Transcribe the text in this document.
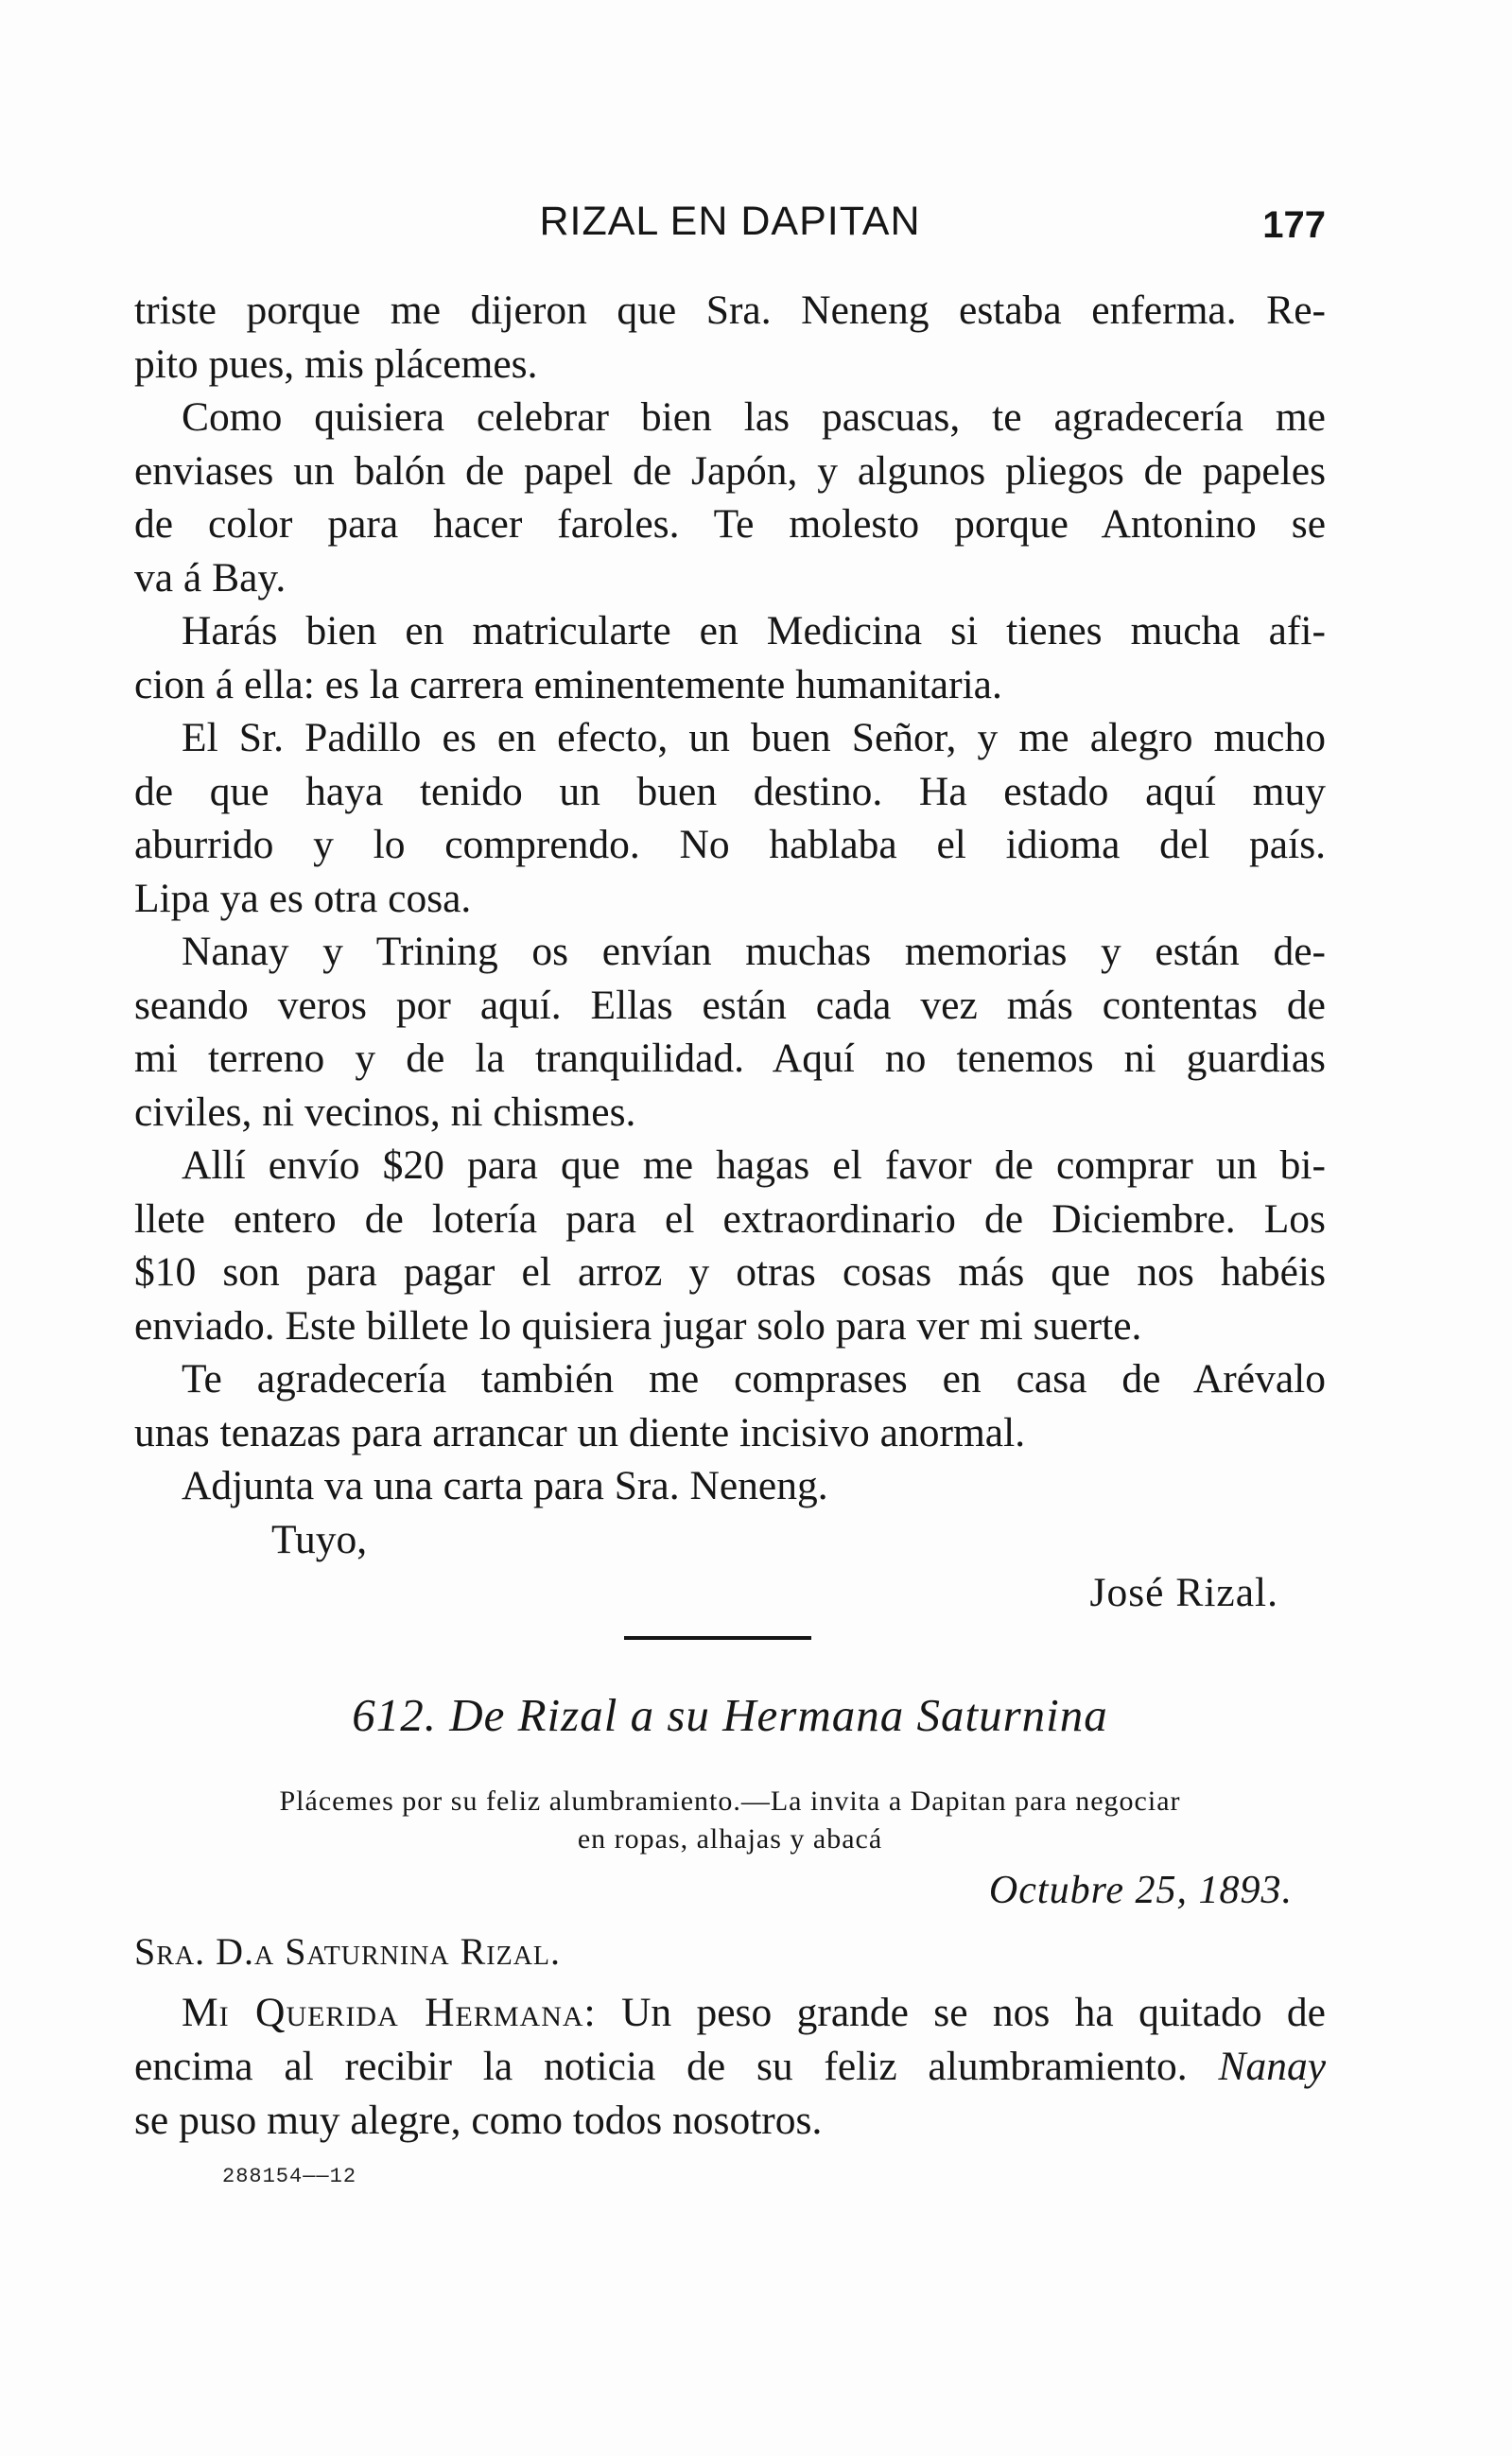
RIZAL EN DAPITAN	177
triste porque me dijeron que Sra. Neneng estaba enferma. Re-
pito pues, mis plácemes.
Como quisiera celebrar bien las pascuas, te agradecería me
enviases un balón de papel de Japón, y algunos pliegos de papeles
de color para hacer faroles. Te molesto porque Antonino se
va á Bay.
Harás bien en matricularte en Medicina si tienes mucha afi-
cion á ella: es la carrera eminentemente humanitaria.
El Sr. Padillo es en efecto, un buen Señor, y me alegro mucho
de que haya tenido un buen destino. Ha estado aquí muy
aburrido y lo comprendo. No hablaba el idioma del país.
Lipa ya es otra cosa.
Nanay y Trining os envían muchas memorias y están de-
seando veros por aquí. Ellas están cada vez más contentas de
mi terreno y de la tranquilidad. Aquí no tenemos ni guardias
civiles, ni vecinos, ni chismes.
Allí envío $20 para que me hagas el favor de comprar un bi-
llete entero de lotería para el extraordinario de Diciembre. Los
$10 son para pagar el arroz y otras cosas más que nos habéis
enviado. Este billete lo quisiera jugar solo para ver mi suerte.
Te agradecería también me comprases en casa de Arévalo
unas tenazas para arrancar un diente incisivo anormal.
Adjunta va una carta para Sra. Neneng.
Tuyo,
José Rizal.
612. De Rizal a su Hermana Saturnina
Plácemes por su feliz alumbramiento.—La invita a Dapitan para negociar
en ropas, alhajas y abacá
Octubre 25, 1893.
Sra. D.a Saturnina Rizal.
Mi Querida Hermana: Un peso grande se nos ha quitado de
encima al recibir la noticia de su feliz alumbramiento. Nanay
se puso muy alegre, como todos nosotros.
288154——12
